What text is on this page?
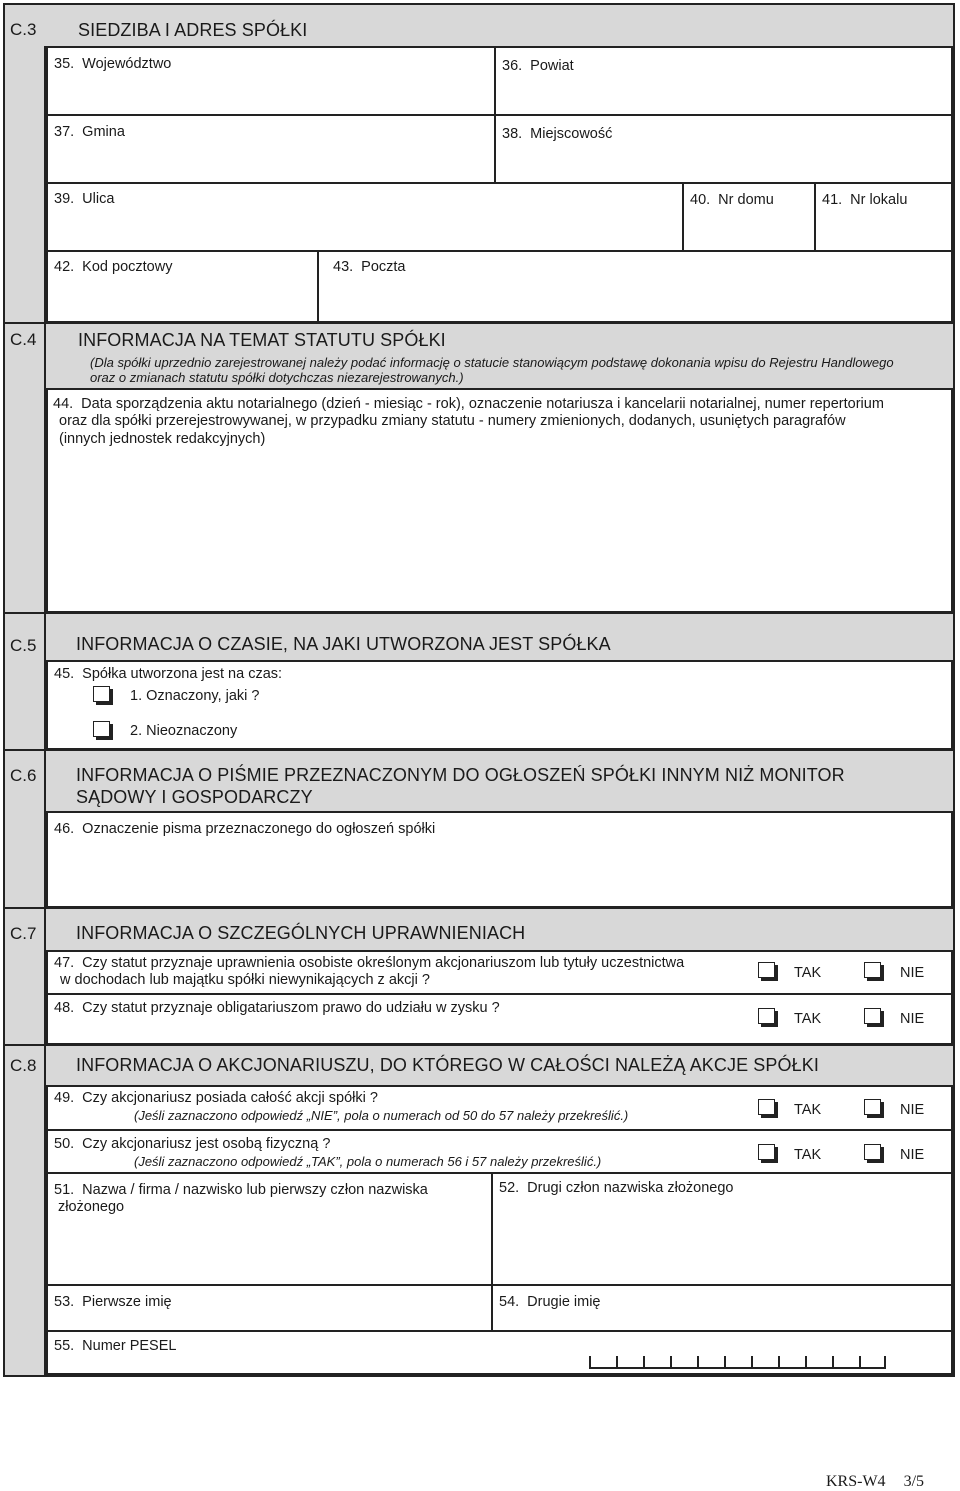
C.3 SIEDZIBA I ADRES SPÓŁKI
35. Województwo	36. Powiat
37. Gmina	38. Miejscowość
39. Ulica	40. Nr domu	41. Nr lokalu
42. Kod pocztowy	43. Poczta
C.4 INFORMACJA NA TEMAT STATUTU SPÓŁKI
(Dla spółki uprzednio zarejestrowanej należy podać informację o statucie stanowiącym podstawę dokonania wpisu do Rejestru Handlowego
oraz o zmianach statutu spółki dotychczas niezarejestrowanych.)
44. Data sporządzenia aktu notarialnego (dzień - miesiąc - rok), oznaczenie notariusza i kancelarii notarialnej, numer repertorium
oraz dla spółki przerejestrowywanej, w przypadku zmiany statutu - numery zmienionych, dodanych, usuniętych paragrafów
(innych jednostek redakcyjnych)
C.5 INFORMACJA O CZASIE, NA JAKI UTWORZONA JEST SPÓŁKA
45. Spółka utworzona jest na czas:
1. Oznaczony, jaki ?
2. Nieoznaczony
C.6 INFORMACJA O PIŚMIE PRZEZNACZONYM DO OGŁOSZEŃ SPÓŁKI INNYM NIŻ MONITOR
SĄDOWY I GOSPODARCZY
46. Oznaczenie pisma przeznaczonego do ogłoszeń spółki
C.7 INFORMACJA O SZCZEGÓLNYCH UPRAWNIENIACH
47. Czy statut przyznaje uprawnienia osobiste określonym akcjonariuszom lub tytuły uczestnictwa
w dochodach lub majątku spółki niewynikających z akcji ?	TAK	NIE
48. Czy statut przyznaje obligatariuszom prawo do udziału w zysku ?
TAK	NIE
C.8 INFORMACJA O AKCJONARIUSZU, DO KTÓREGO W CAŁOŚCI NALEŻĄ AKCJE SPÓŁKI
49. Czy akcjonariusz posiada całość akcji spółki ?
(Jeśli zaznaczono odpowiedź „NIE”, pola o numerach od 50 do 57 należy przekreślić.)	TAK	NIE
50. Czy akcjonariusz jest osobą fizyczną ?
(Jeśli zaznaczono odpowiedź „TAK”, pola o numerach 56 i 57 należy przekreślić.)	TAK	NIE
51. Nazwa / firma / nazwisko lub pierwszy człon nazwiska
złożonego
52. Drugi człon nazwiska złożonego
53. Pierwsze imię	54. Drugie imię
55. Numer PESEL
KRS-W4 3/5
